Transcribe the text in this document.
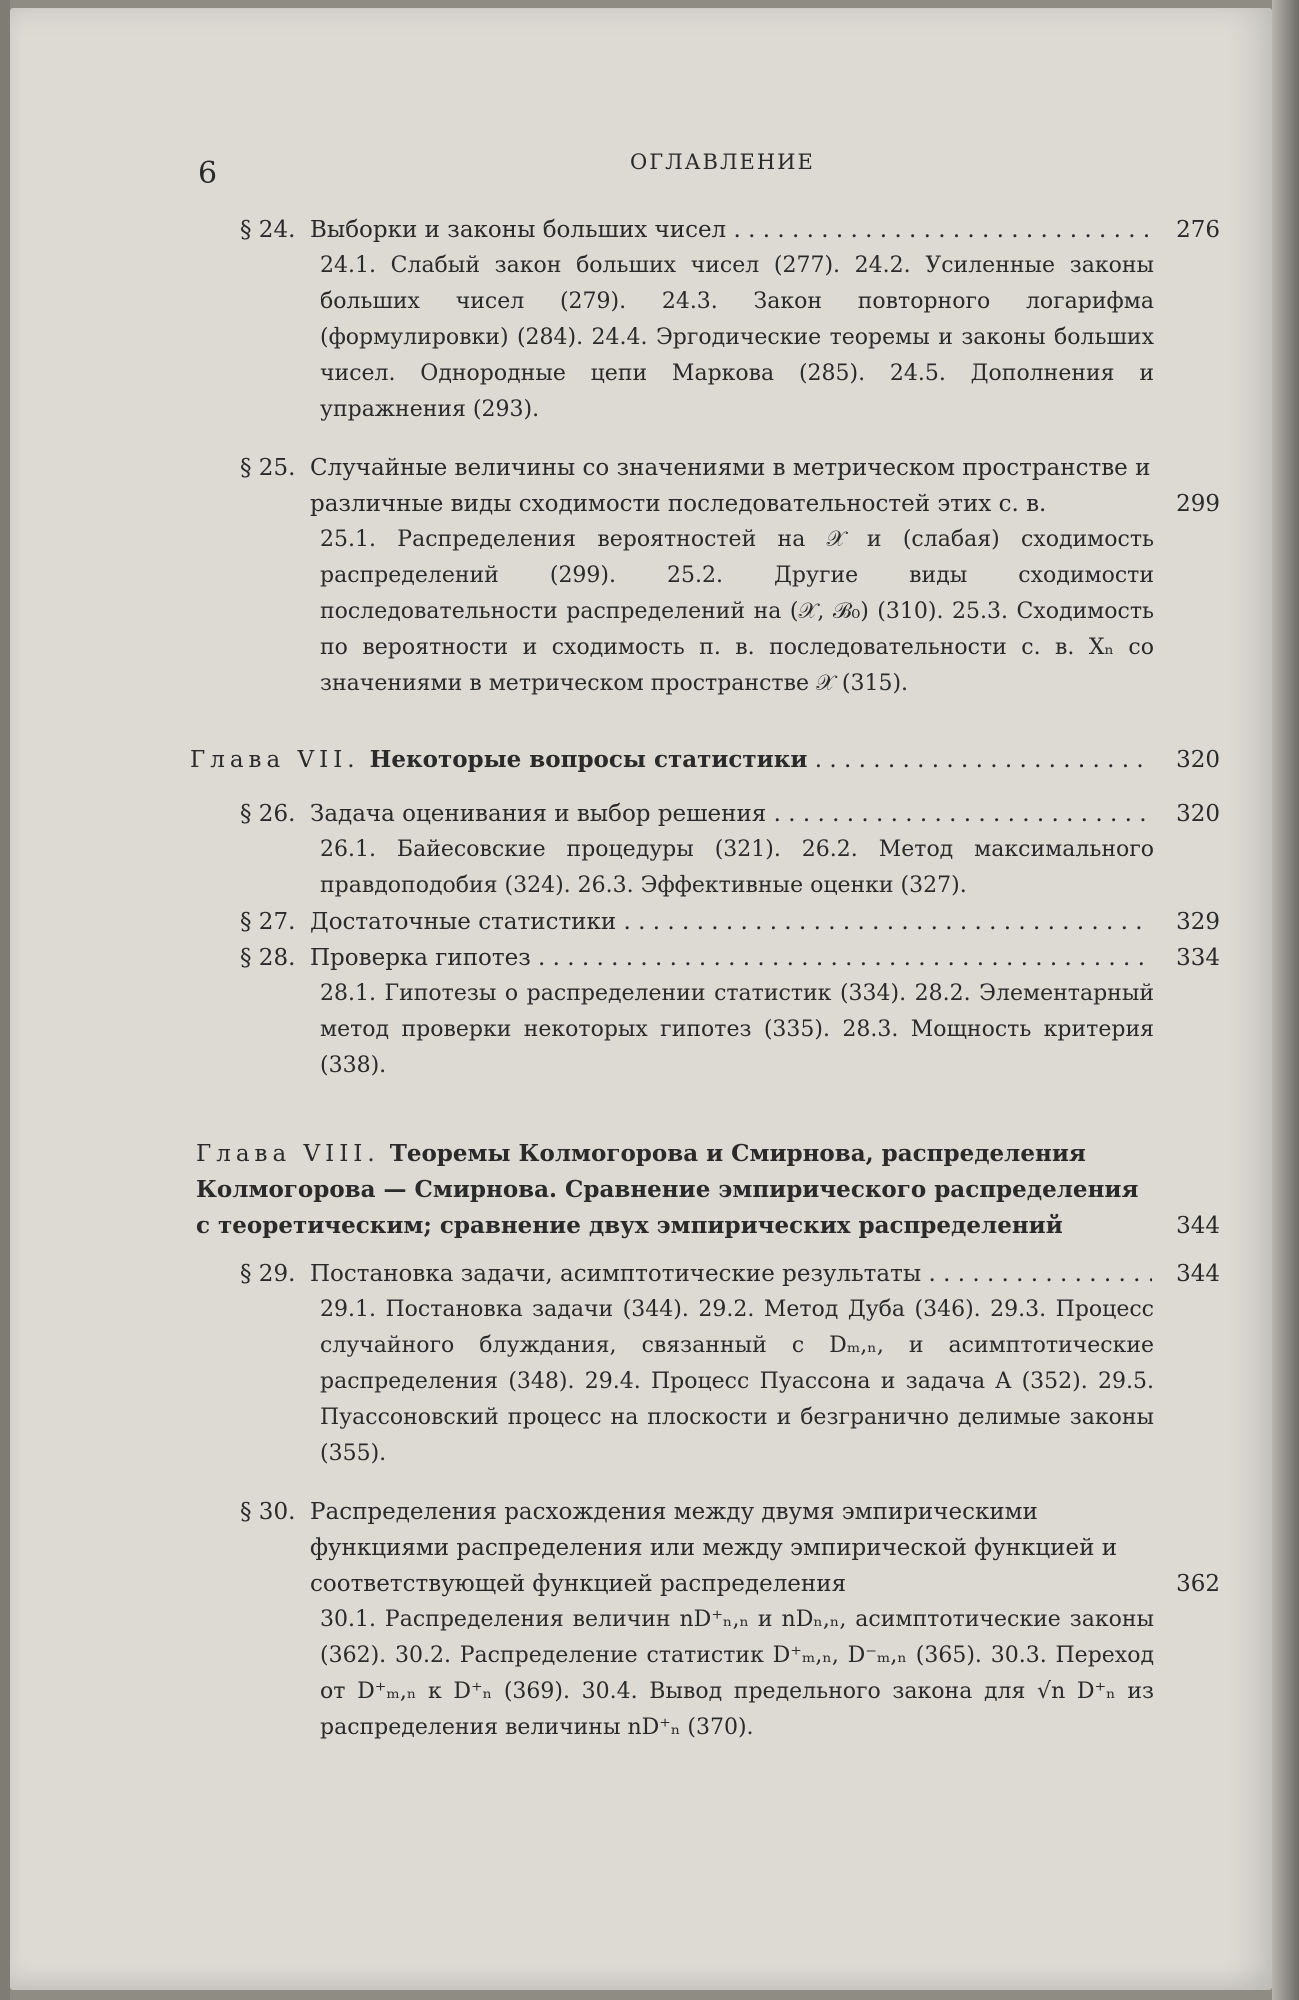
6	ОГЛАВЛЕНИЕ
§ 24. Выборки и законы больших чисел . . .	276
24.1. Слабый закон больших чисел (277). 24.2. Усиленные законы больших чисел (279). 24.3. Закон повторного логарифма (формулировки) (284). 24.4. Эргодические теоремы и законы больших чисел. Однородные цепи Маркова (285). 24.5. Дополнения и упражнения (293).
§ 25. Случайные величины со значениями в метрическом пространстве и различные виды сходимости последовательностей этих с. в.	299
25.1. Распределения вероятностей на 𝒳 и (слабая) сходимость распределений (299). 25.2. Другие виды сходимости последовательности распределений на (𝒳, ℬ₀) (310). 25.3. Сходимость по вероятности и сходимость п. в. последовательности с. в. Xₙ со значениями в метрическом пространстве 𝒳 (315).
Глава VII. Некоторые вопросы статистики . . .	320
§ 26. Задача оценивания и выбор решения . . .	320
26.1. Байесовские процедуры (321). 26.2. Метод максимального правдоподобия (324). 26.3. Эффективные оценки (327).
§ 27. Достаточные статистики . . .	329
§ 28. Проверка гипотез . . .	334
28.1. Гипотезы о распределении статистик (334). 28.2. Элементарный метод проверки некоторых гипотез (335). 28.3. Мощность критерия (338).
Глава VIII. Теоремы Колмогорова и Смирнова, распределения Колмогорова — Смирнова. Сравнение эмпирического распределения с теоретическим; сравнение двух эмпирических распределений	344
§ 29. Постановка задачи, асимптотические результаты . . .	344
29.1. Постановка задачи (344). 29.2. Метод Дуба (346). 29.3. Процесс случайного блуждания, связанный с Dₘ,ₙ, и асимптотические распределения (348). 29.4. Процесс Пуассона и задача A (352). 29.5. Пуассоновский процесс на плоскости и безгранично делимые законы (355).
§ 30. Распределения расхождения между двумя эмпирическими функциями распределения или между эмпирической функцией и соответствующей функцией распределения	362
30.1. Распределения величин nD⁺ₙ,ₙ и nDₙ,ₙ, асимптотические законы (362). 30.2. Распределение статистик D⁺ₘ,ₙ, D⁻ₘ,ₙ (365). 30.3. Переход от D⁺ₘ,ₙ к D⁺ₙ (369). 30.4. Вывод предельного закона для √n D⁺ₙ из распределения величины nD⁺ₙ (370).
